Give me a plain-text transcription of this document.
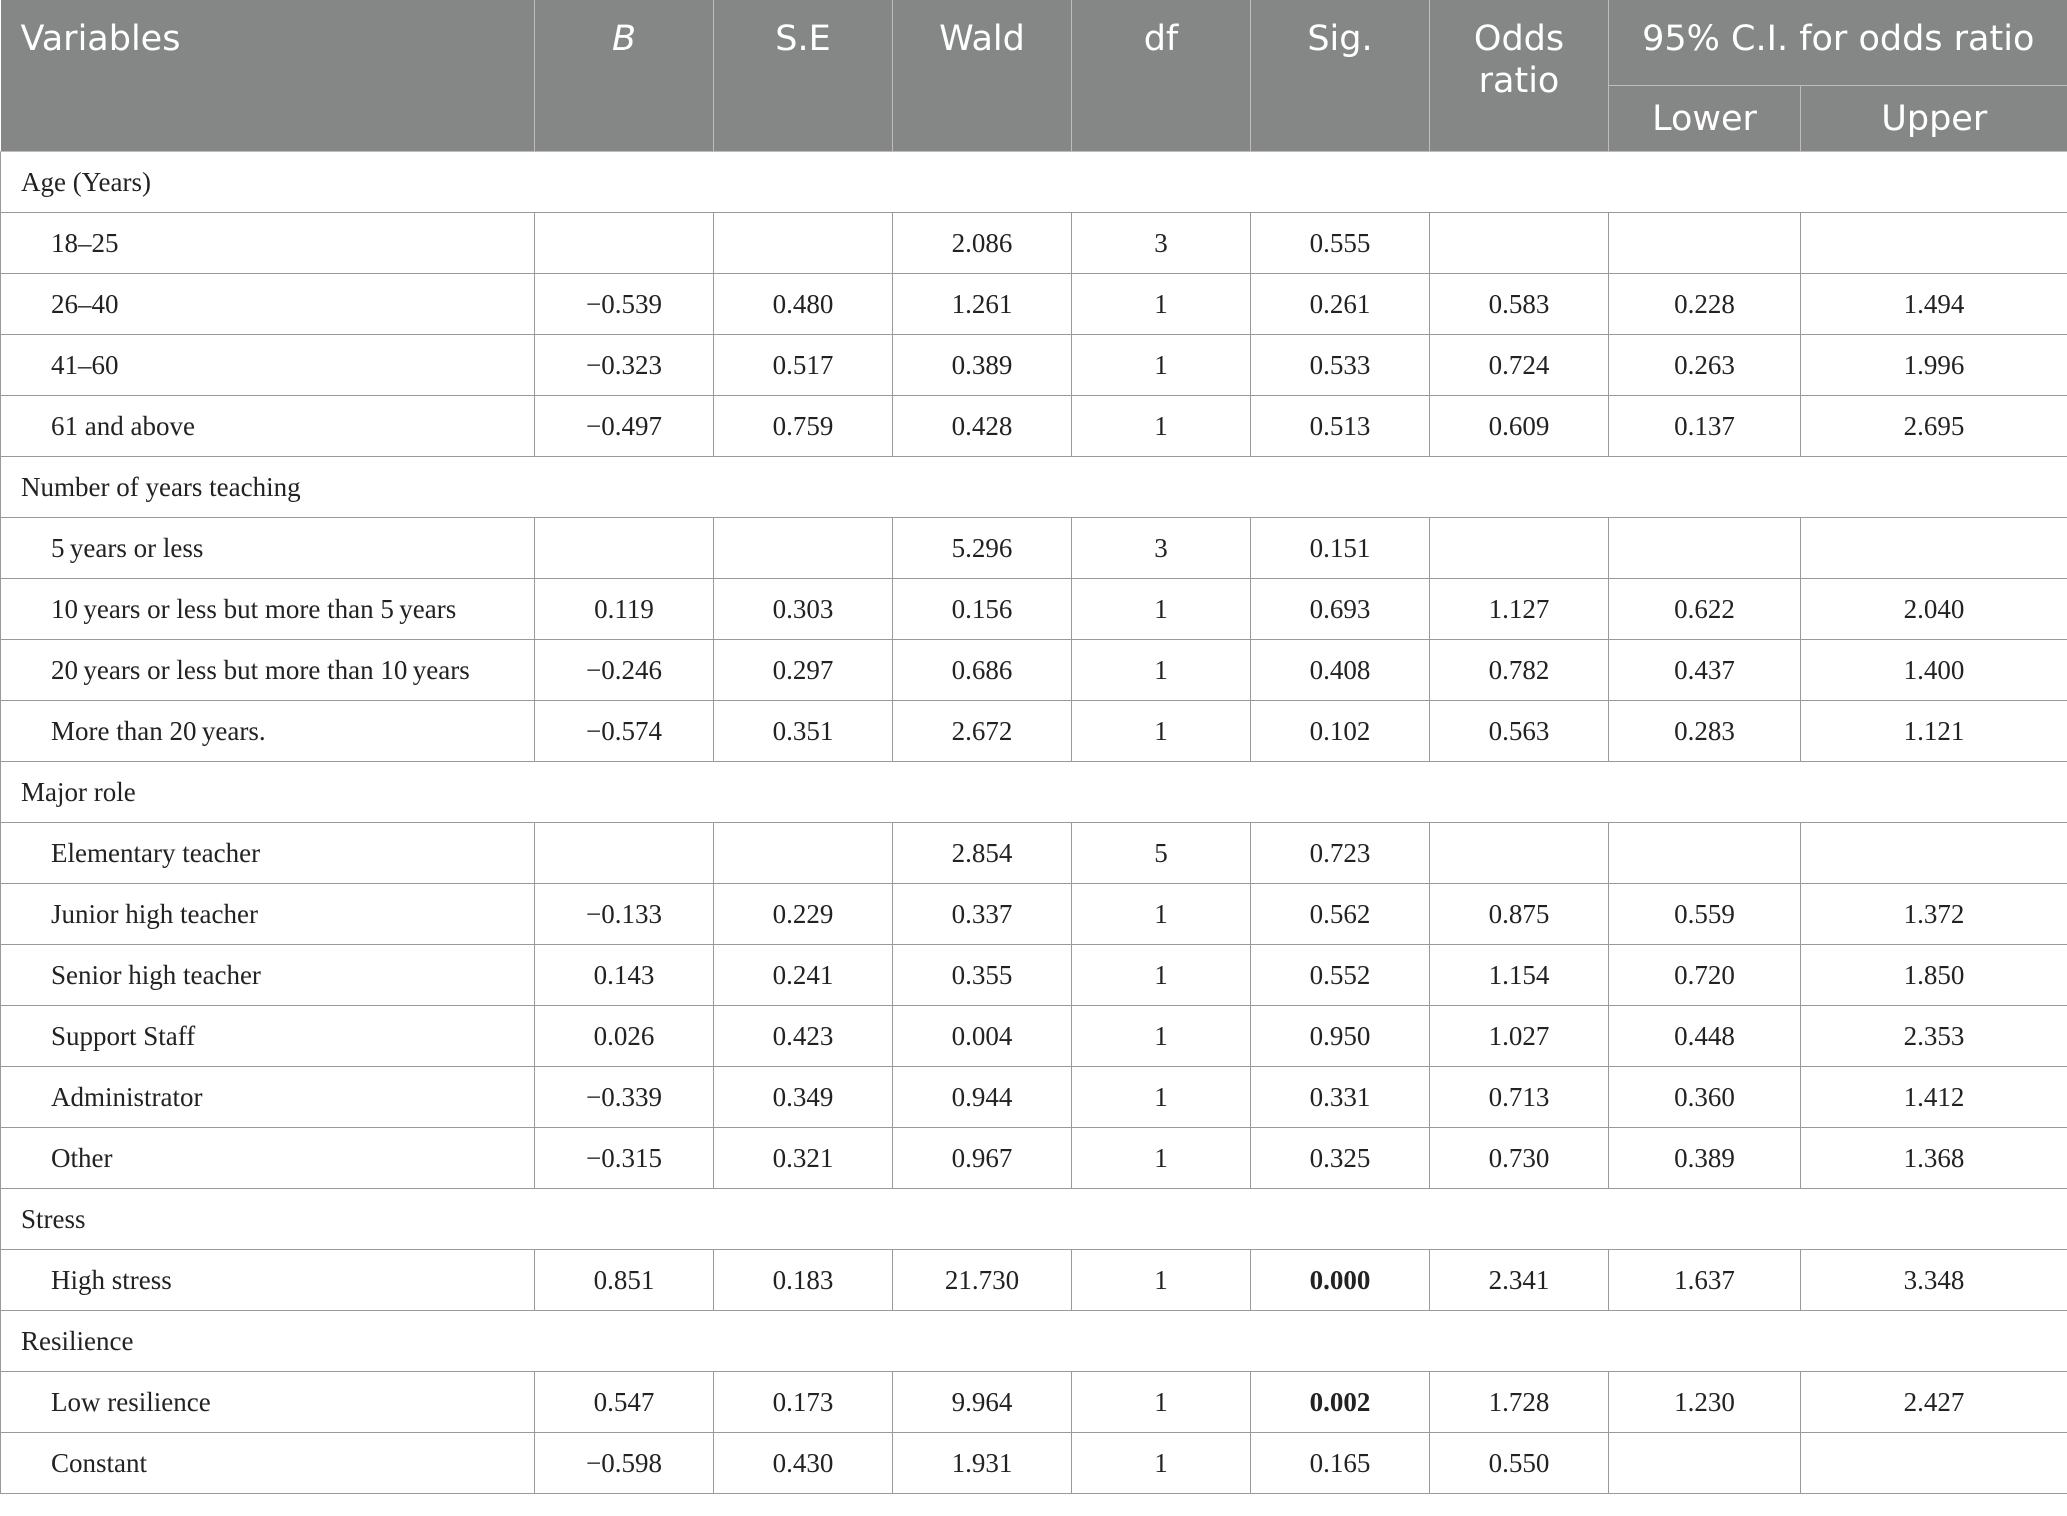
Variables	B	S.E	Wald	df	Sig.	Odds ratio	95% C.I. for odds ratio	
							Lower	Upper
Age (Years)								
18–25			2.086	3	0.555			
26–40	−0.539	0.480	1.261	1	0.261	0.583	0.228	1.494
41–60	−0.323	0.517	0.389	1	0.533	0.724	0.263	1.996
61 and above	−0.497	0.759	0.428	1	0.513	0.609	0.137	2.695
Number of years teaching								
5 years or less			5.296	3	0.151			
10 years or less but more than 5 years	0.119	0.303	0.156	1	0.693	1.127	0.622	2.040
20 years or less but more than 10 years	−0.246	0.297	0.686	1	0.408	0.782	0.437	1.400
More than 20 years.	−0.574	0.351	2.672	1	0.102	0.563	0.283	1.121
Major role								
Elementary teacher			2.854	5	0.723			
Junior high teacher	−0.133	0.229	0.337	1	0.562	0.875	0.559	1.372
Senior high teacher	0.143	0.241	0.355	1	0.552	1.154	0.720	1.850
Support Staff	0.026	0.423	0.004	1	0.950	1.027	0.448	2.353
Administrator	−0.339	0.349	0.944	1	0.331	0.713	0.360	1.412
Other	−0.315	0.321	0.967	1	0.325	0.730	0.389	1.368
Stress								
High stress	0.851	0.183	21.730	1	0.000	2.341	1.637	3.348
Resilience								
Low resilience	0.547	0.173	9.964	1	0.002	1.728	1.230	2.427
Constant	−0.598	0.430	1.931	1	0.165	0.550		
